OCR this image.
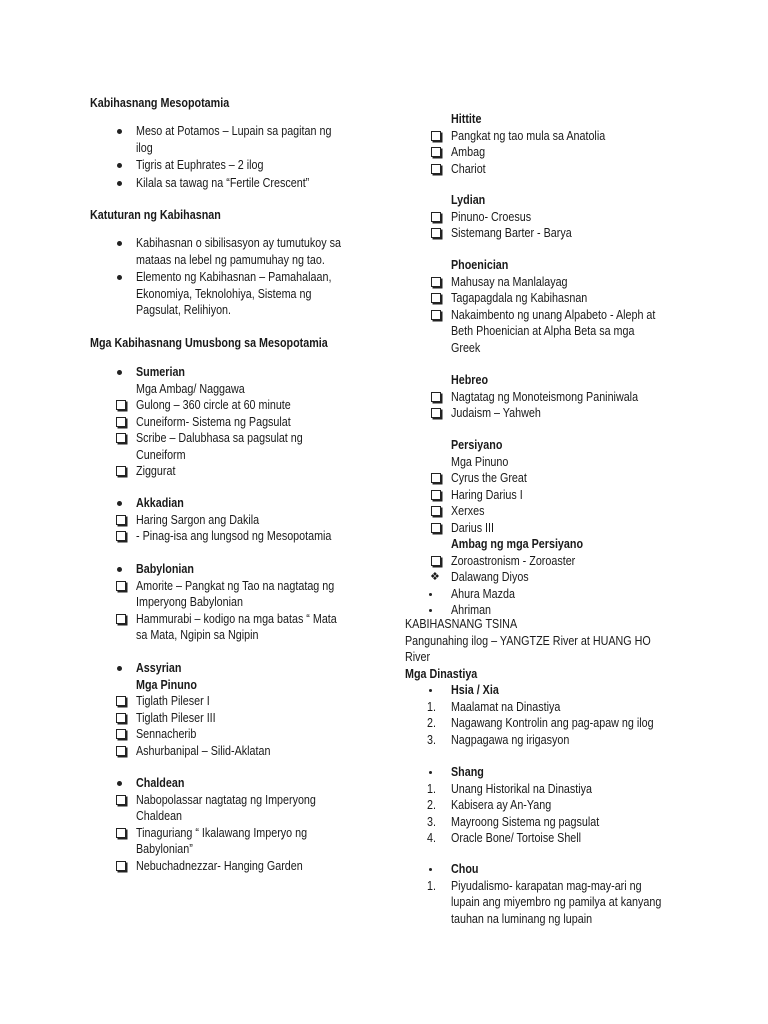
Kabihasnang Mesopotamia
Meso at Potamos – Lupain sa pagitan ng
ilog
Tigris at Euphrates – 2 ilog
Kilala sa tawag na “Fertile Crescent”
Katuturan ng Kabihasnan
Kabihasnan o sibilisasyon ay tumutukoy sa
mataas na lebel ng pamumuhay ng tao.
Elemento ng Kabihasnan – Pamahalaan,
Ekonomiya, Teknolohiya, Sistema ng
Pagsulat, Relihiyon.
Mga Kabihasnang Umusbong sa Mesopotamia
Sumerian
Mga Ambag/ Naggawa
Gulong – 360 circle at 60 minute
Cuneiform- Sistema ng Pagsulat
Scribe – Dalubhasa sa pagsulat ng
Cuneiform
Ziggurat
Akkadian
Haring Sargon ang Dakila
- Pinag-isa ang lungsod ng Mesopotamia
Babylonian
Amorite – Pangkat ng Tao na nagtatag ng
Imperyong Babylonian
Hammurabi – kodigo na mga batas “ Mata
sa Mata, Ngipin sa Ngipin
Assyrian
Mga Pinuno
Tiglath Pileser I
Tiglath Pileser III
Sennacherib
Ashurbanipal – Silid-Aklatan
Chaldean
Nabopolassar nagtatag ng Imperyong
Chaldean
Tinaguriang “ Ikalawang Imperyo ng
Babylonian”
Nebuchadnezzar- Hanging Garden
Hittite
Pangkat ng tao mula sa Anatolia
Ambag
Chariot
Lydian
Pinuno- Croesus
Sistemang Barter - Barya
Phoenician
Mahusay na Manlalayag
Tagapagdala ng Kabihasnan
Nakaimbento ng unang Alpabeto - Aleph at
Beth Phoenician at Alpha Beta sa mga
Greek
Hebreo
Nagtatag ng Monoteismong Paniniwala
Judaism – Yahweh
Persiyano
Mga Pinuno
Cyrus the Great
Haring Darius I
Xerxes
Darius III
Ambag ng mga Persiyano
Zoroastronism - Zoroaster
❖ Dalawang Diyos
Ahura Mazda
Ahriman
KABIHASNANG TSINA
Pangunahing ilog – YANGTZE River at HUANG HO
River
Mga Dinastiya
Hsia / Xia
1. Maalamat na Dinastiya
2. Nagawang Kontrolin ang pag-apaw ng ilog
3. Nagpagawa ng irigasyon
Shang
1. Unang Historikal na Dinastiya
2. Kabisera ay An-Yang
3. Mayroong Sistema ng pagsulat
4. Oracle Bone/ Tortoise Shell
Chou
1. Piyudalismo- karapatan mag-may-ari ng
lupain ang miyembro ng pamilya at kanyang
tauhan na luminang ng lupain
